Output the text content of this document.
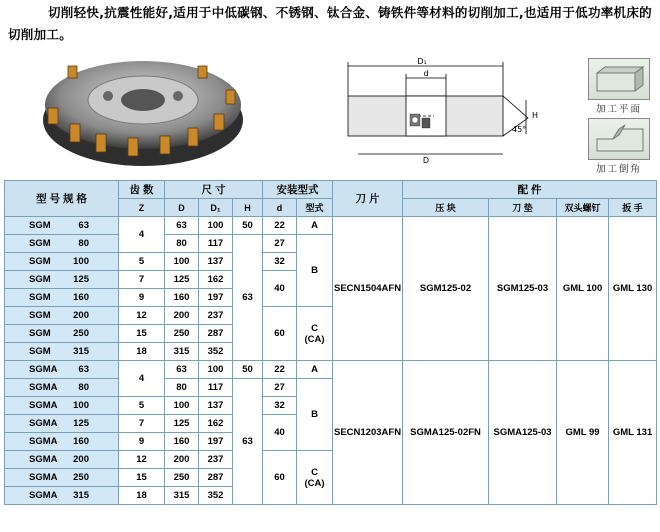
切削轻快,抗震性能好,适用于中低碳钢、不锈钢、钛合金、铸铁件等材料的切削加工,也适用于低功率机床的切削加工。
D₁
d
H
45°
D
加工平面
加工倒角
型 号 规 格	齿 数	尺 寸			安装型式		刀 片	配 件			
	Z	D	D₁	H	d	型式		压 块	刀 垫	双头螺钉	扳 手
SGM 63	4	63	100	50	22	A	SECN1504AFN	SGM125-02	SGM125-03	GML 100	GML 130
SGM 80		80	117	63	27	B					
SGM 100	5	100	137		32						
SGM 125	7	125	162		40						
SGM 160	9	160	197								
SGM 200	12	200	237		60	C
(CA)					
SGM 250	15	250	287								
SGM 315	18	315	352								
SGMA 63	4	63	100	50	22	A	SECN1203AFN	SGMA125-02FN	SGMA125-03	GML 99	GML 131
SGMA 80		80	117	63	27	B					
SGMA 100	5	100	137		32						
SGMA 125	7	125	162		40						
SGMA 160	9	160	197								
SGMA 200	12	200	237		60	C
(CA)					
SGMA 250	15	250	287								
SGMA 315	18	315	352								
